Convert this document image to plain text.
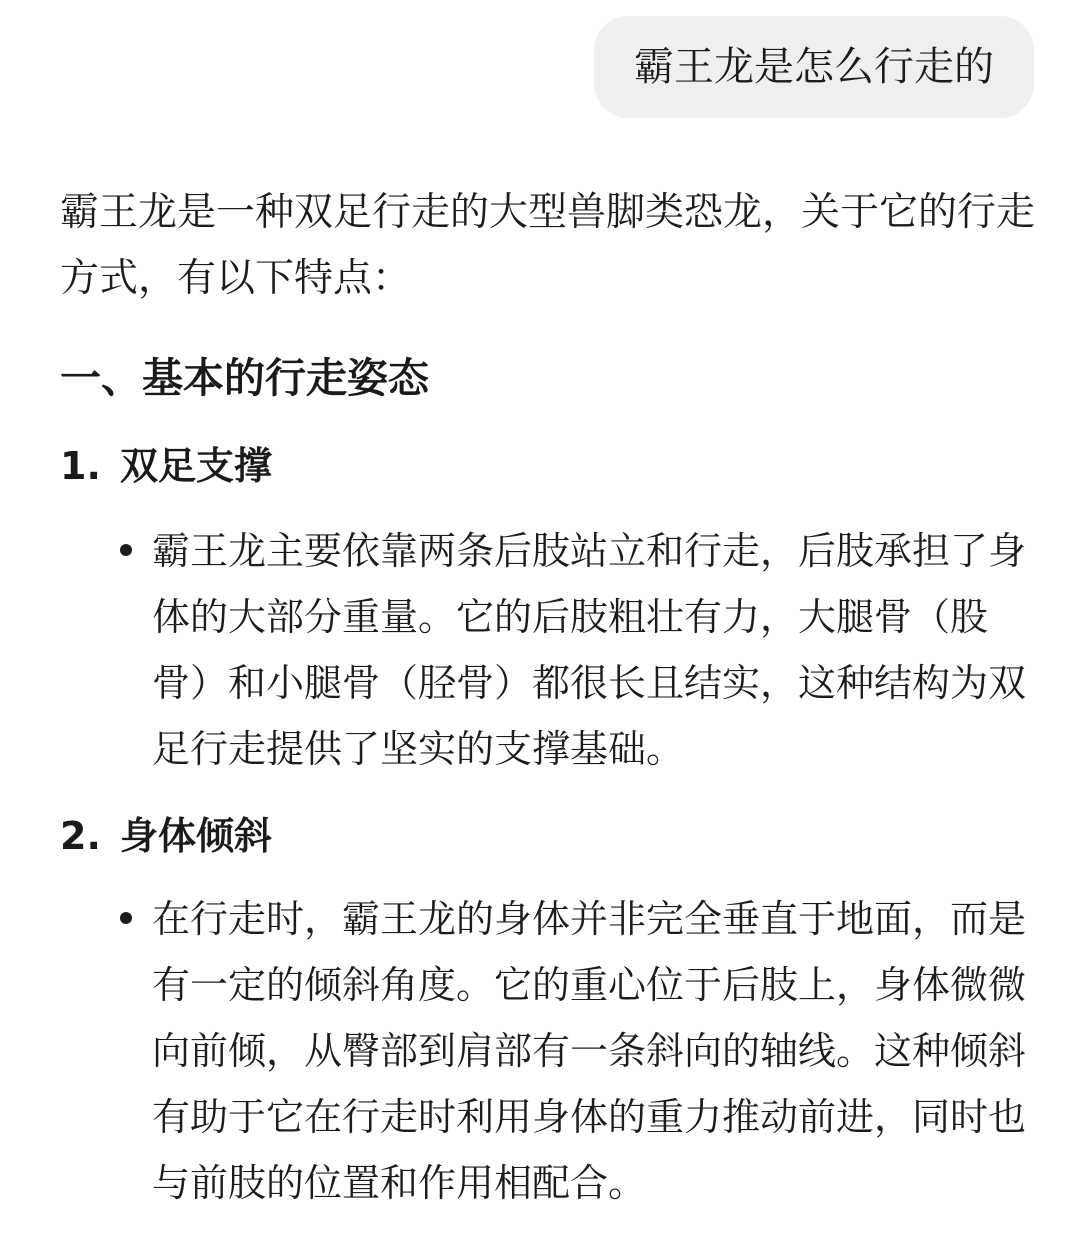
霸王龙是怎么行走的

霸王龙是一种双足行走的大型兽脚类恐龙，关于它的行走方式，有以下特点：

一、基本的行走姿态
1. 双足支撑
霸王龙主要依靠两条后肢站立和行走，后肢承担了身体的大部分重量。它的后肢粗壮有力，大腿骨（股骨）和小腿骨（胫骨）都很长且结实，这种结构为双足行走提供了坚实的支撑基础。
2. 身体倾斜
在行走时，霸王龙的身体并非完全垂直于地面，而是有一定的倾斜角度。它的重心位于后肢上，身体微微向前倾，从臀部到肩部有一条斜向的轴线。这种倾斜有助于它在行走时利用身体的重力推动前进，同时也与前肢的位置和作用相配合。
